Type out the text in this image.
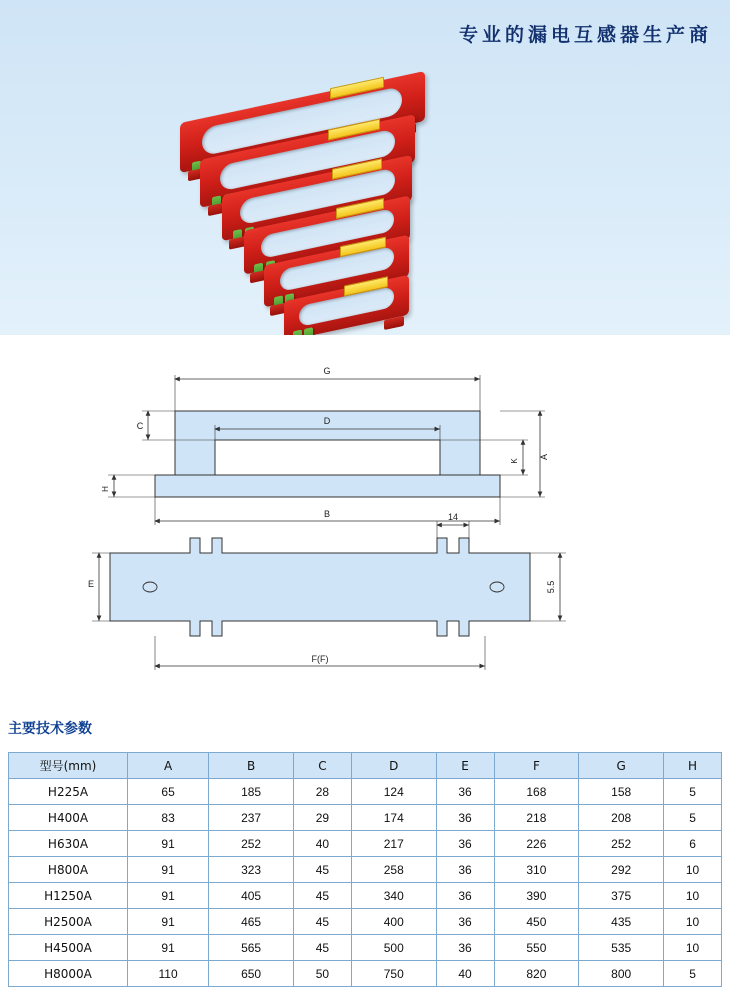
专业的漏电互感器生产商
G
D
B
C
H
A
K
14
E	5.5
F(F)
主要技术参数
型号(mm)	A	B	C	D	E	F	G	H
H225A	65	185	28	124	36	168	158	5
H400A	83	237	29	174	36	218	208	5
H630A	91	252	40	217	36	226	252	6
H800A	91	323	45	258	36	310	292	10
H1250A	91	405	45	340	36	390	375	10
H2500A	91	465	45	400	36	450	435	10
H4500A	91	565	45	500	36	550	535	10
H8000A	110	650	50	750	40	820	800	5
